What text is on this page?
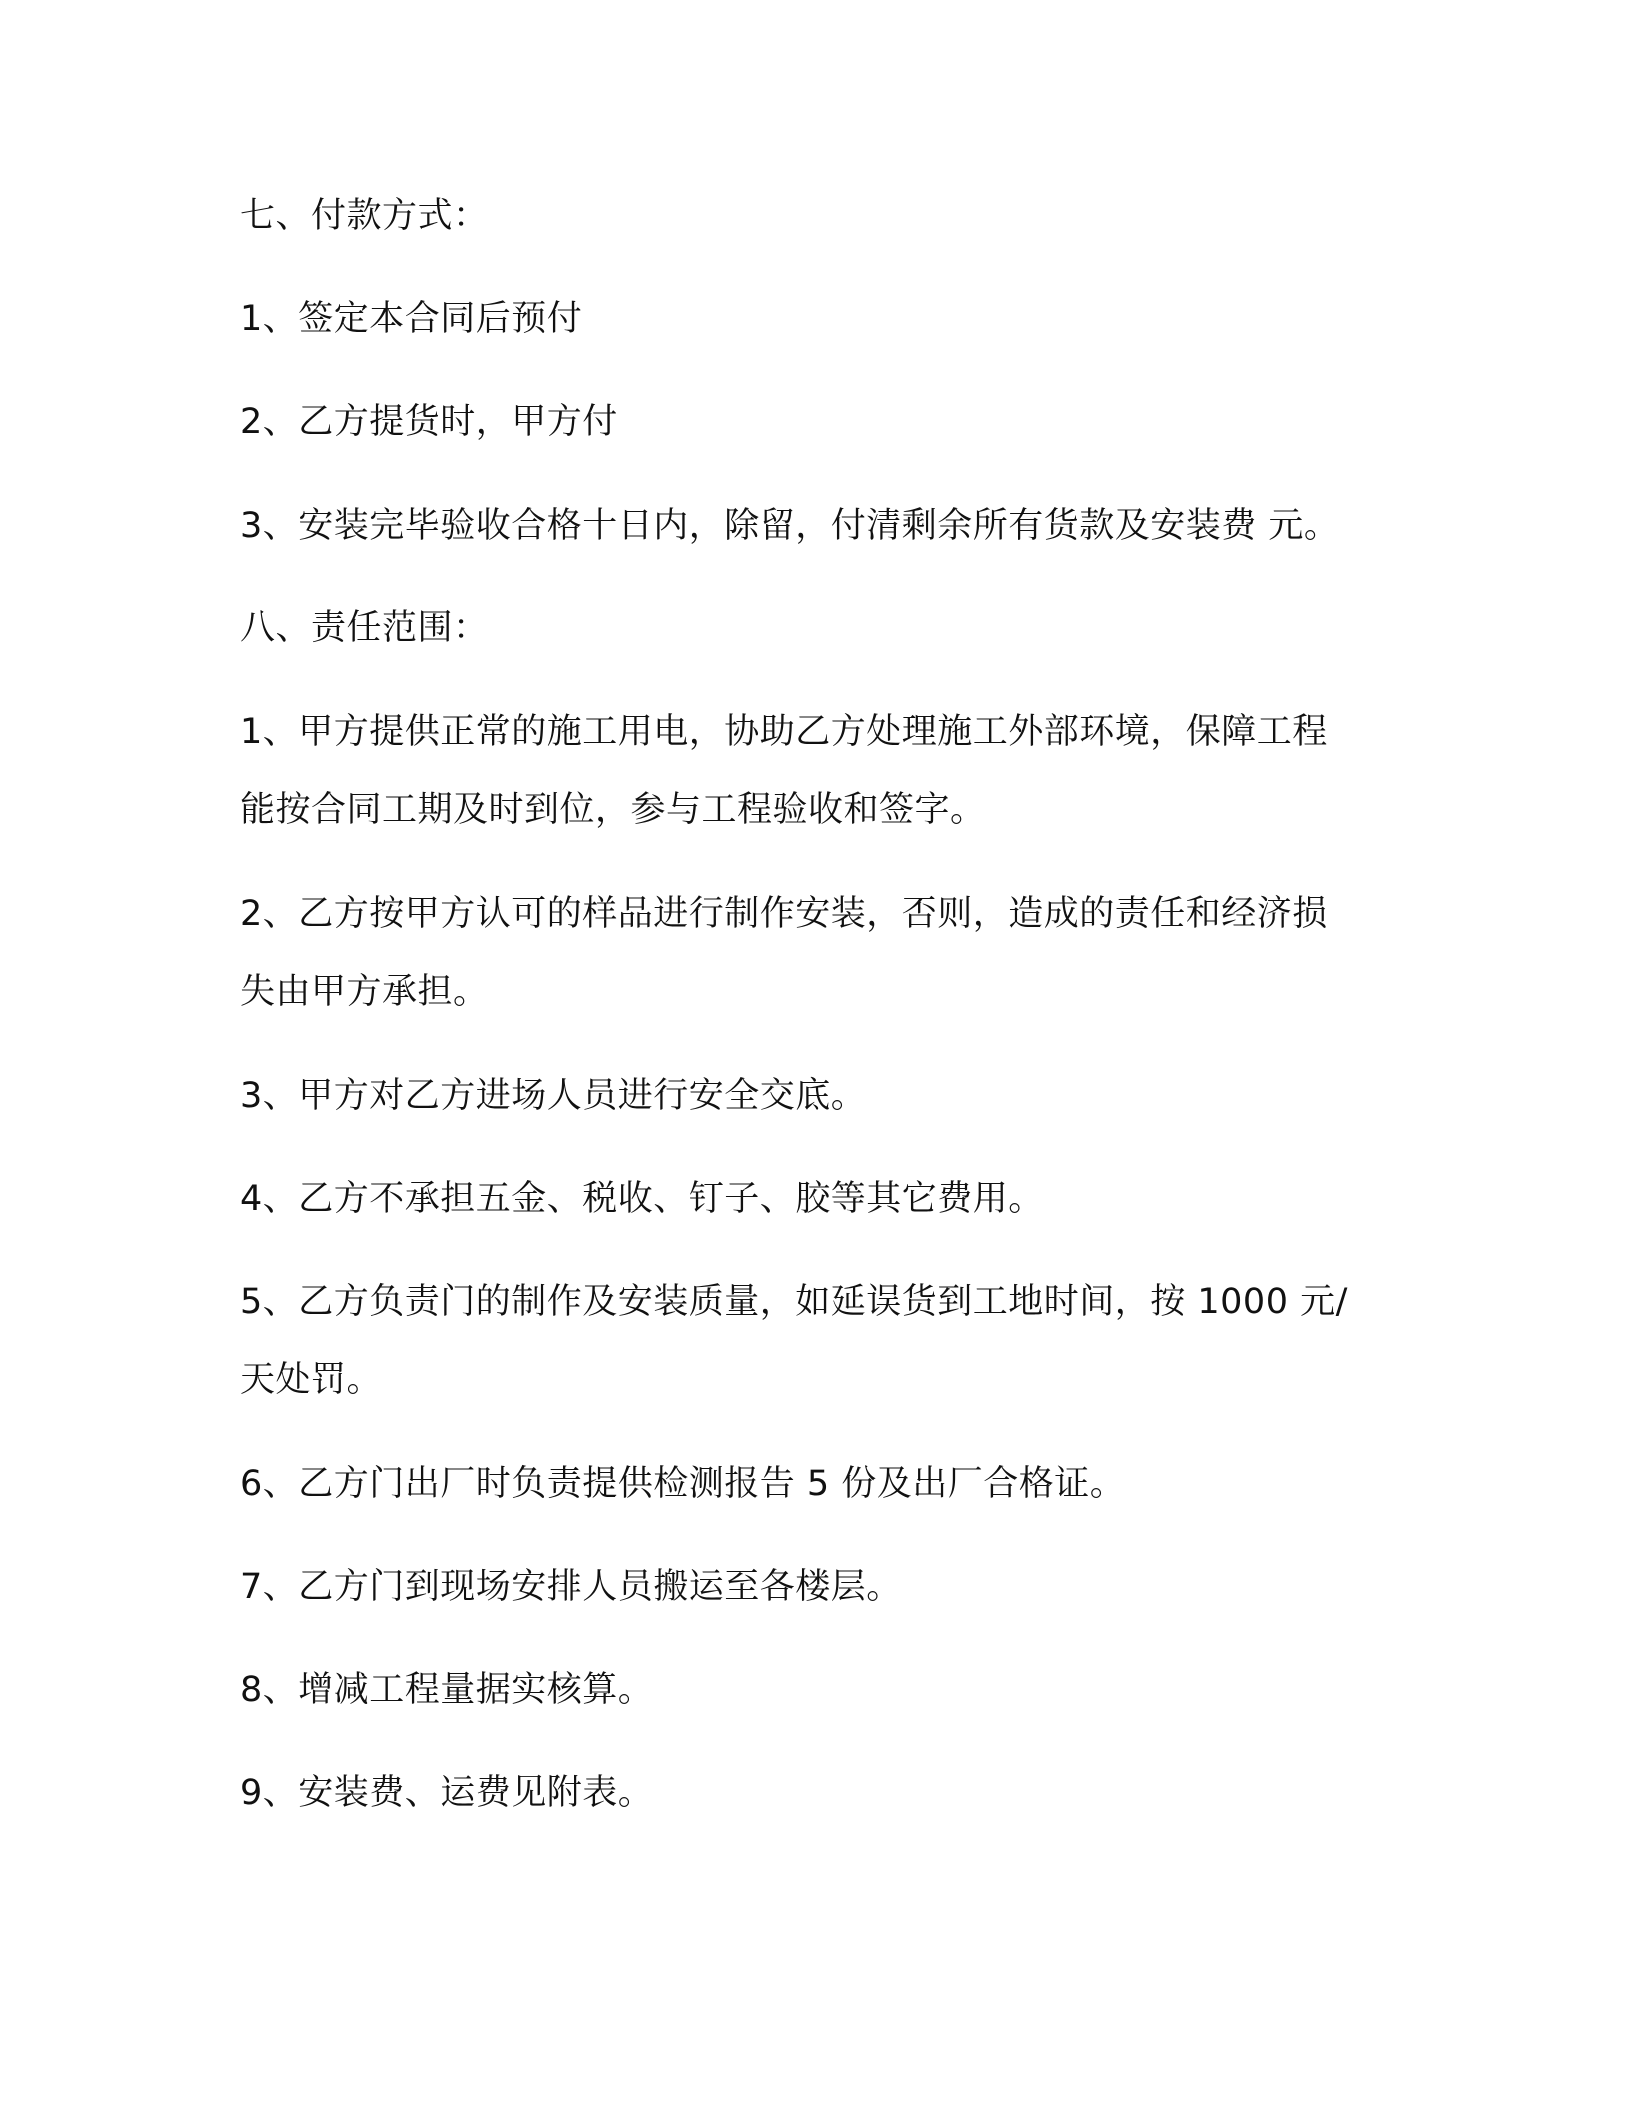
七、付款方式：

1、签定本合同后预付

2、乙方提货时，甲方付

3、安装完毕验收合格十日内，除留，付清剩余所有货款及安装费 元。

八、责任范围：

1、甲方提供正常的施工用电，协助乙方处理施工外部环境，保障工程

能按合同工期及时到位，参与工程验收和签字。

2、乙方按甲方认可的样品进行制作安装，否则，造成的责任和经济损

失由甲方承担。

3、甲方对乙方进场人员进行安全交底。

4、乙方不承担五金、税收、钉子、胶等其它费用。

5、乙方负责门的制作及安装质量，如延误货到工地时间，按 1000 元/

天处罚。

6、乙方门出厂时负责提供检测报告 5 份及出厂合格证。

7、乙方门到现场安排人员搬运至各楼层。

8、增减工程量据实核算。

9、安装费、运费见附表。
